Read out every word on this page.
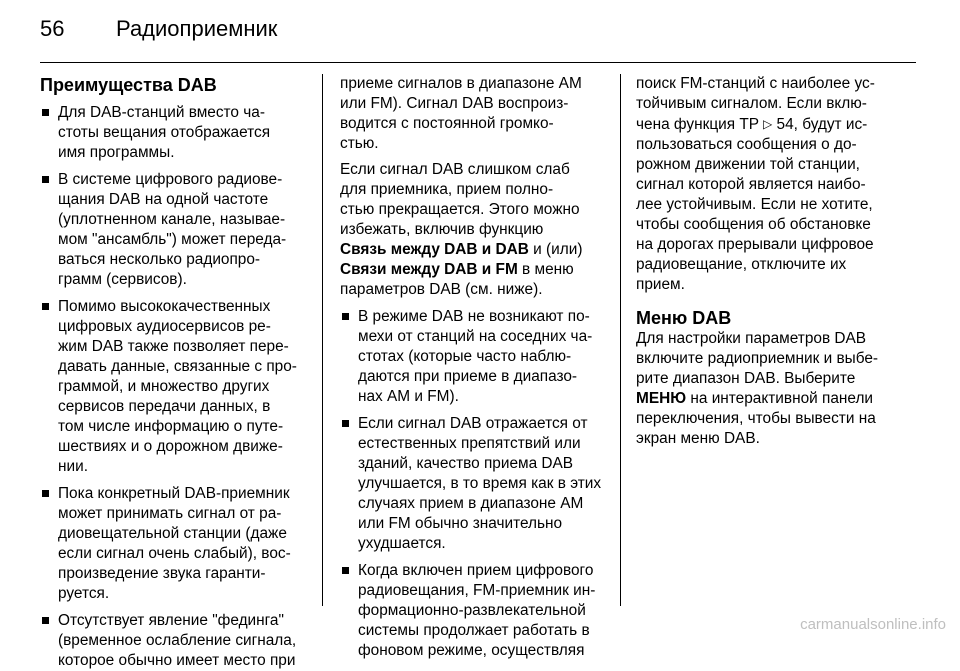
56 Радиоприемник
Преимущества DAB
Для DAB-станций вместо ча-
стоты вещания отображается
имя программы.
В системе цифрового радиове-
щания DAB на одной частоте
(уплотненном канале, называе-
мом "ансамбль") может переда-
ваться несколько радиопро-
грамм (сервисов).
Помимо высококачественных
цифровых аудиосервисов ре-
жим DAB также позволяет пере-
давать данные, связанные с про-
граммой, и множество других
сервисов передачи данных, в
том числе информацию о путе-
шествиях и о дорожном движе-
нии.
Пока конкретный DAB-приемник
может принимать сигнал от ра-
диовещательной станции (даже
если сигнал очень слабый), вос-
произведение звука гаранти-
руется.
Отсутствует явление "фединга"
(временное ослабление сигнала,
которое обычно имеет место при
приеме сигналов в диапазоне AM
или FM). Сигнал DAB воспроиз-
водится с постоянной громко-
стью.
Если сигнал DAB слишком слаб
для приемника, прием полно-
стью прекращается. Этого можно
избежать, включив функцию
Связь между DAB и DAB и (или)
Связи между DAB и FM в меню
параметров DAB (см. ниже).
В режиме DAB не возникают по-
мехи от станций на соседних ча-
стотах (которые часто наблю-
даются при приеме в диапазо-
нах AM и FM).
Если сигнал DAB отражается от
естественных препятствий или
зданий, качество приема DAB
улучшается, в то время как в этих
случаях прием в диапазоне AM
или FM обычно значительно
ухудшается.
Когда включен прием цифрового
радиовещания, FM-приемник ин-
формационно-развлекательной
системы продолжает работать в
фоновом режиме, осуществляя
поиск FM-станций с наиболее ус-
тойчивым сигналом. Если вклю-
чена функция TP ▷ 54, будут ис-
пользоваться сообщения о до-
рожном движении той станции,
сигнал которой является наибо-
лее устойчивым. Если не хотите,
чтобы сообщения об обстановке
на дорогах прерывали цифровое
радиовещание, отключите их
прием.
Меню DAB
Для настройки параметров DAB
включите радиоприемник и выбе-
рите диапазон DAB. Выберите
МЕНЮ на интерактивной панели
переключения, чтобы вывести на
экран меню DAB.
carmanualsonline.info
